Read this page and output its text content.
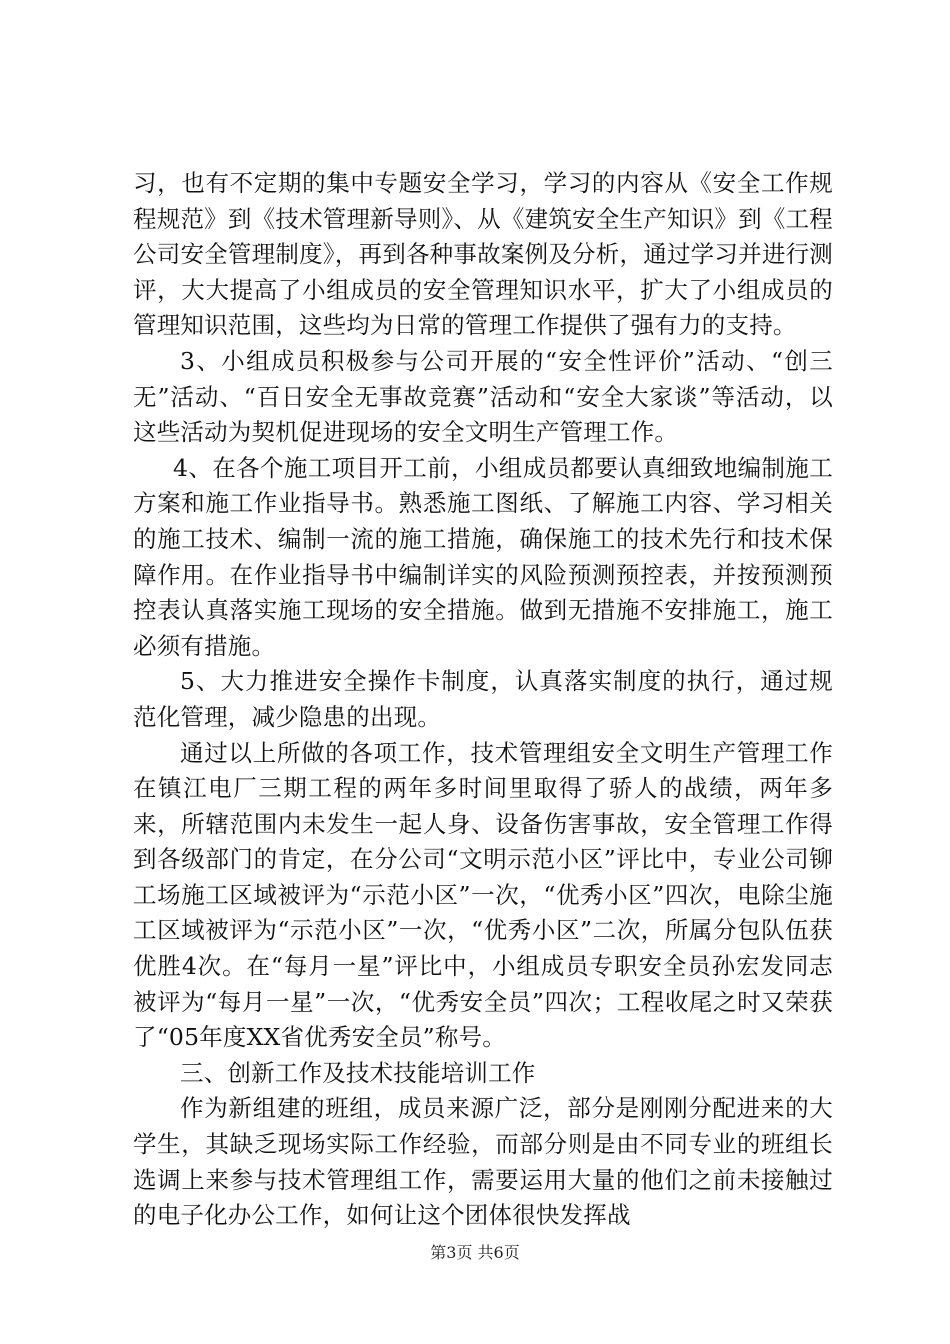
习，也有不定期的集中专题安全学习，学习的内容从《安全工作规程规范》到《技术管理新导则》、从《建筑安全生产知识》到《工程公司安全管理制度》，再到各种事故案例及分析，通过学习并进行测评，大大提高了小组成员的安全管理知识水平，扩大了小组成员的管理知识范围，这些均为日常的管理工作提供了强有力的支持。

3、小组成员积极参与公司开展的“安全性评价”活动、“创三无”活动、“百日安全无事故竞赛”活动和“安全大家谈”等活动，以这些活动为契机促进现场的安全文明生产管理工作。

4、在各个施工项目开工前，小组成员都要认真细致地编制施工方案和施工作业指导书。熟悉施工图纸、了解施工内容、学习相关的施工技术、编制一流的施工措施，确保施工的技术先行和技术保障作用。在作业指导书中编制详实的风险预测预控表，并按预测预控表认真落实施工现场的安全措施。做到无措施不安排施工，施工必须有措施。

5、大力推进安全操作卡制度，认真落实制度的执行，通过规范化管理，减少隐患的出现。

通过以上所做的各项工作，技术管理组安全文明生产管理工作在镇江电厂三期工程的两年多时间里取得了骄人的战绩，两年多来，所辖范围内未发生一起人身、设备伤害事故，安全管理工作得到各级部门的肯定，在分公司“文明示范小区”评比中，专业公司铆工场施工区域被评为“示范小区”一次，“优秀小区”四次，电除尘施工区域被评为“示范小区”一次，“优秀小区”二次，所属分包队伍获优胜4次。在“每月一星”评比中，小组成员专职安全员孙宏发同志被评为“每月一星”一次，“优秀安全员”四次；工程收尾之时又荣获了“05年度XX省优秀安全员”称号。

三、创新工作及技术技能培训工作

作为新组建的班组，成员来源广泛，部分是刚刚分配进来的大学生，其缺乏现场实际工作经验，而部分则是由不同专业的班组长选调上来参与技术管理组工作，需要运用大量的他们之前未接触过的电子化办公工作，如何让这个团体很快发挥战

第3页 共6页
